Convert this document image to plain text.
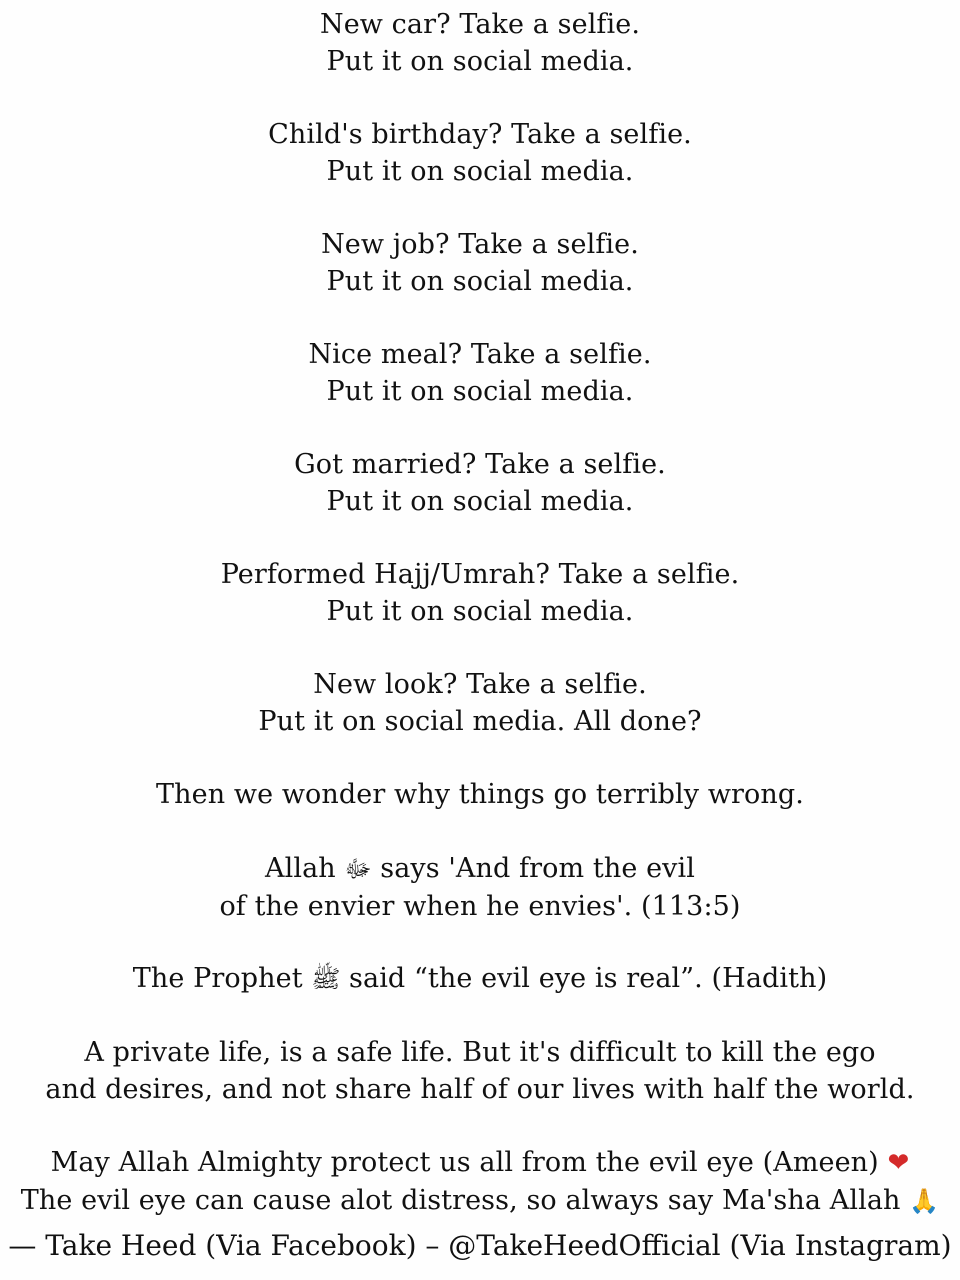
New car? Take a selfie.
Put it on social media.
Child's birthday? Take a selfie.
Put it on social media.
New job? Take a selfie.
Put it on social media.
Nice meal? Take a selfie.
Put it on social media.
Got married? Take a selfie.
Put it on social media.
Performed Hajj/Umrah? Take a selfie.
Put it on social media.
New look? Take a selfie.
Put it on social media. All done?
Then we wonder why things go terribly wrong.
Allah ﷻ says 'And from the evil
of the envier when he envies'. (113:5)
The Prophet ﷺ said “the evil eye is real”. (Hadith)
A private life, is a safe life. But it's difficult to kill the ego
and desires, and not share half of our lives with half the world.
May Allah Almighty protect us all from the evil eye (Ameen) ❤
The evil eye can cause alot distress, so always say Ma'sha Allah 🙏
— Take Heed (Via Facebook) – @TakeHeedOfficial (Via Instagram)
